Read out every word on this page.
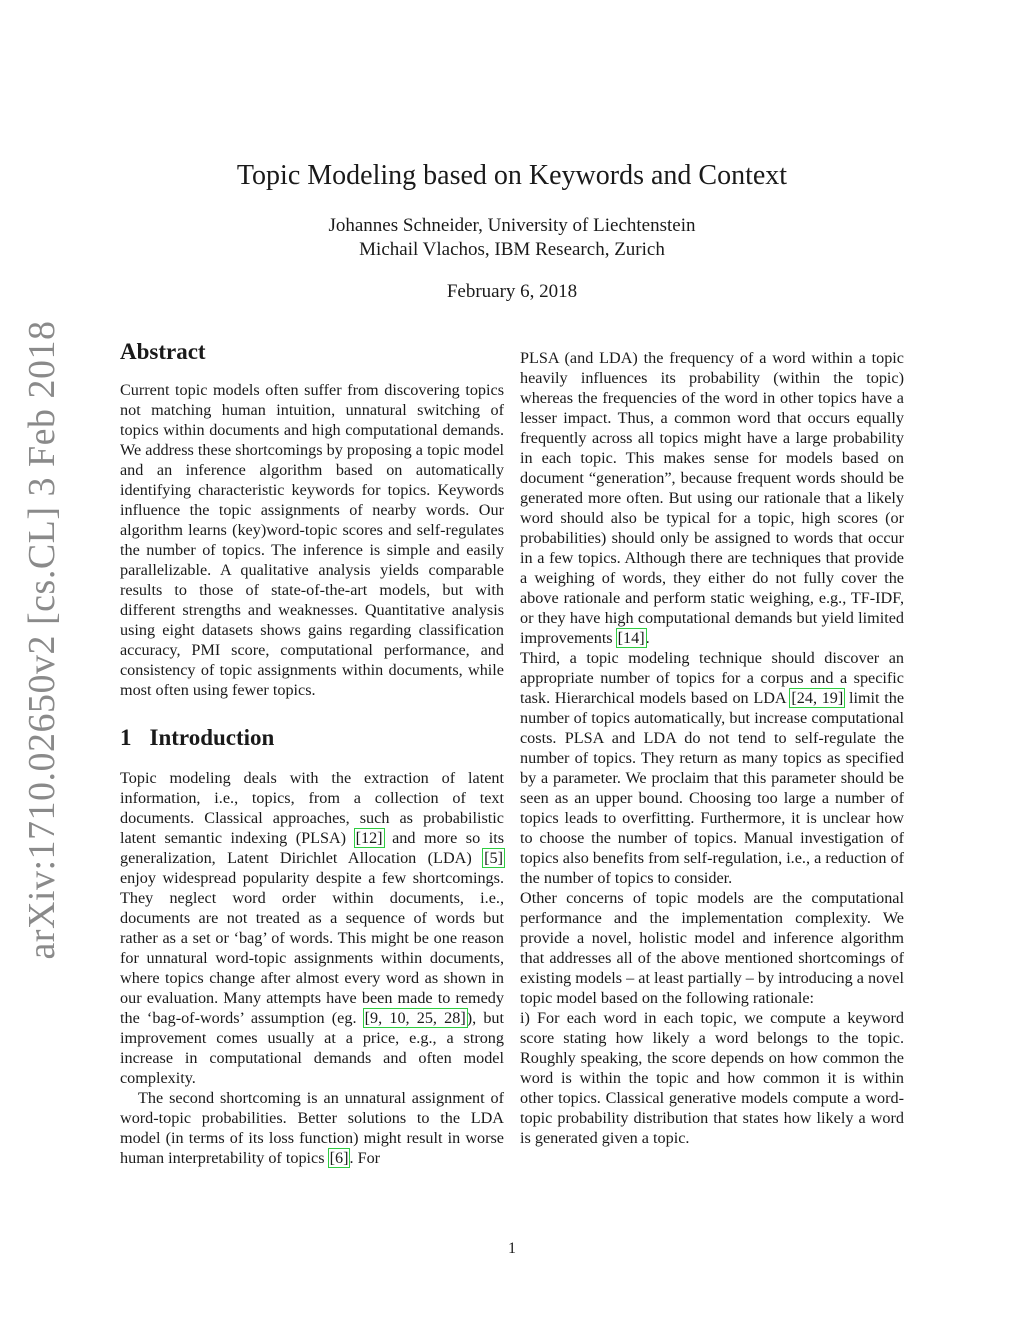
arXiv:1710.02650v2 [cs.CL] 3 Feb 2018
Topic Modeling based on Keywords and Context
Johannes Schneider, University of Liechtenstein
Michail Vlachos, IBM Research, Zurich
February 6, 2018
Abstract

Current topic models often suffer from discovering topics not matching human intuition, unnatural switching of topics within documents and high computational demands. We address these shortcomings by proposing a topic model and an inference algorithm based on automatically identifying characteristic keywords for topics. Keywords influence the topic assignments of nearby words. Our algorithm learns (key)word-topic scores and self-regulates the number of topics. The inference is simple and easily parallelizable. A qualitative analysis yields comparable results to those of state-of-the-art models, but with different strengths and weaknesses. Quantitative analysis using eight datasets shows gains regarding classification accuracy, PMI score, computational performance, and consistency of topic assignments within documents, while most often using fewer topics.

1 Introduction

Topic modeling deals with the extraction of latent information, i.e., topics, from a collection of text documents. Classical approaches, such as probabilistic latent semantic indexing (PLSA) [12] and more so its generalization, Latent Dirichlet Allocation (LDA) [5] enjoy widespread popularity despite a few shortcomings. They neglect word order within documents, i.e., documents are not treated as a sequence of words but rather as a set or ‘bag’ of words. This might be one reason for unnatural word-topic assignments within documents, where topics change after almost every word as shown in our evaluation. Many attempts have been made to remedy the ‘bag-of-words’ assumption (eg. [9, 10, 25, 28]), but improvement comes usually at a price, e.g., a strong increase in computational demands and often model complexity.

The second shortcoming is an unnatural assignment of word-topic probabilities. Better solutions to the LDA model (in terms of its loss function) might result in worse human interpretability of topics [6]. For

PLSA (and LDA) the frequency of a word within a topic heavily influences its probability (within the topic) whereas the frequencies of the word in other topics have a lesser impact. Thus, a common word that occurs equally frequently across all topics might have a large probability in each topic. This makes sense for models based on document “generation”, because frequent words should be generated more often. But using our rationale that a likely word should also be typical for a topic, high scores (or probabilities) should only be assigned to words that occur in a few topics. Although there are techniques that provide a weighing of words, they either do not fully cover the above rationale and perform static weighing, e.g., TF-IDF, or they have high computational demands but yield limited improvements [14].

Third, a topic modeling technique should discover an appropriate number of topics for a corpus and a specific task. Hierarchical models based on LDA [24, 19] limit the number of topics automatically, but increase computational costs. PLSA and LDA do not tend to self-regulate the number of topics. They return as many topics as specified by a parameter. We proclaim that this parameter should be seen as an upper bound. Choosing too large a number of topics leads to overfitting. Furthermore, it is unclear how to choose the number of topics. Manual investigation of topics also benefits from self-regulation, i.e., a reduction of the number of topics to consider.

Other concerns of topic models are the computational performance and the implementation complexity. We provide a novel, holistic model and inference algorithm that addresses all of the above mentioned shortcomings of existing models – at least partially – by introducing a novel topic model based on the following rationale:

i) For each word in each topic, we compute a keyword score stating how likely a word belongs to the topic. Roughly speaking, the score depends on how common the word is within the topic and how common it is within other topics. Classical generative models compute a word-topic probability distribution that states how likely a word is generated given a topic.

1
